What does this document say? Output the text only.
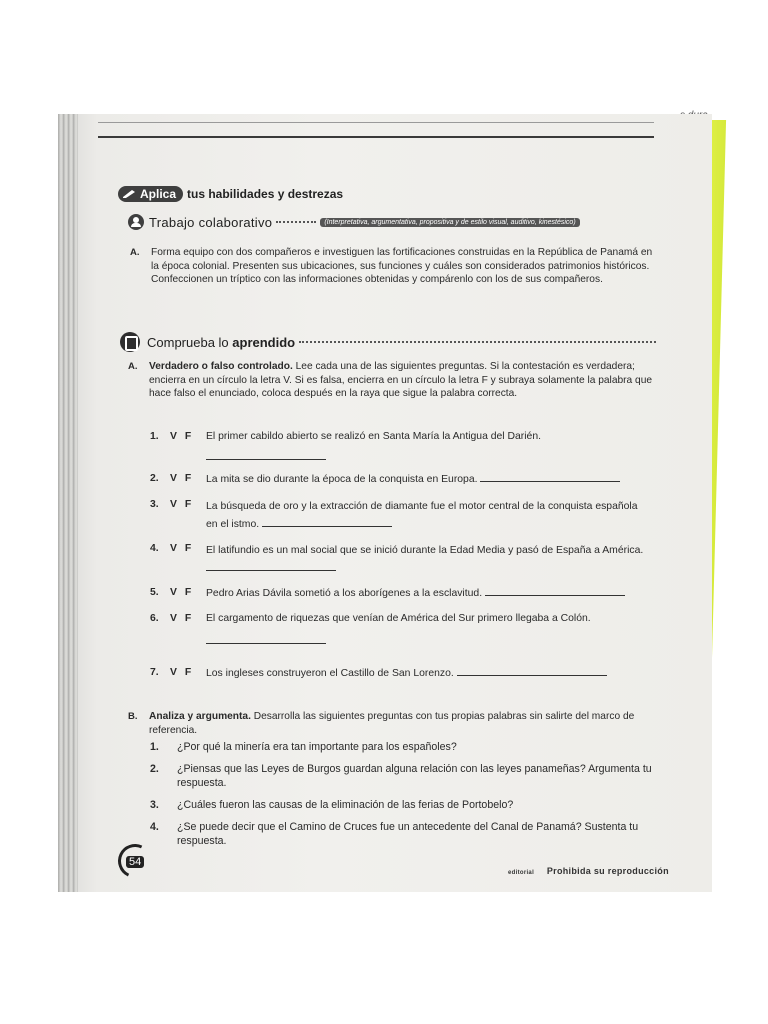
Aplica tus habilidades y destrezas
Trabajo colaborativo	(Interpretativa, argumentativa, propositiva y de estilo visual, auditivo, kinestésico)
A. Forma equipo con dos compañeros e investiguen las fortificaciones construidas en la República de Panamá en la época colonial. Presenten sus ubicaciones, sus funciones y cuáles son considerados patrimonios históricos. Confeccionen un tríptico con las informaciones obtenidas y compárenlo con los de sus compañeros.
Comprueba lo aprendido
A. Verdadero o falso controlado. Lee cada una de las siguientes preguntas. Si la contestación es verdadera; encierra en un círculo la letra V. Si es falsa, encierra en un círculo la letra F y subraya solamente la palabra que hace falso el enunciado, coloca después en la raya que sigue la palabra correcta.
1. V F El primer cabildo abierto se realizó en Santa María la Antigua del Darién.

2. V F La mita se dio durante la época de la conquista en Europa.
3. V F La búsqueda de oro y la extracción de diamante fue el motor central de la conquista española en el istmo.
4. V F El latifundio es un mal social que se inició durante la Edad Media y pasó de España a América.
5. V F Pedro Arias Dávila sometió a los aborígenes a la esclavitud.
6. V F El cargamento de riquezas que venían de América del Sur primero llegaba a Colón.

7. V F Los ingleses construyeron el Castillo de San Lorenzo.
B. Analiza y argumenta. Desarrolla las siguientes preguntas con tus propias palabras sin salirte del marco de referencia.
1. ¿Por qué la minería era tan importante para los españoles?
2. ¿Piensas que las Leyes de Burgos guardan alguna relación con las leyes panameñas? Argumenta tu respuesta.
3. ¿Cuáles fueron las causas de la eliminación de las ferias de Portobelo?
4. ¿Se puede decir que el Camino de Cruces fue un antecedente del Canal de Panamá? Sustenta tu respuesta.
54
editorial Prohibida su reproducción
